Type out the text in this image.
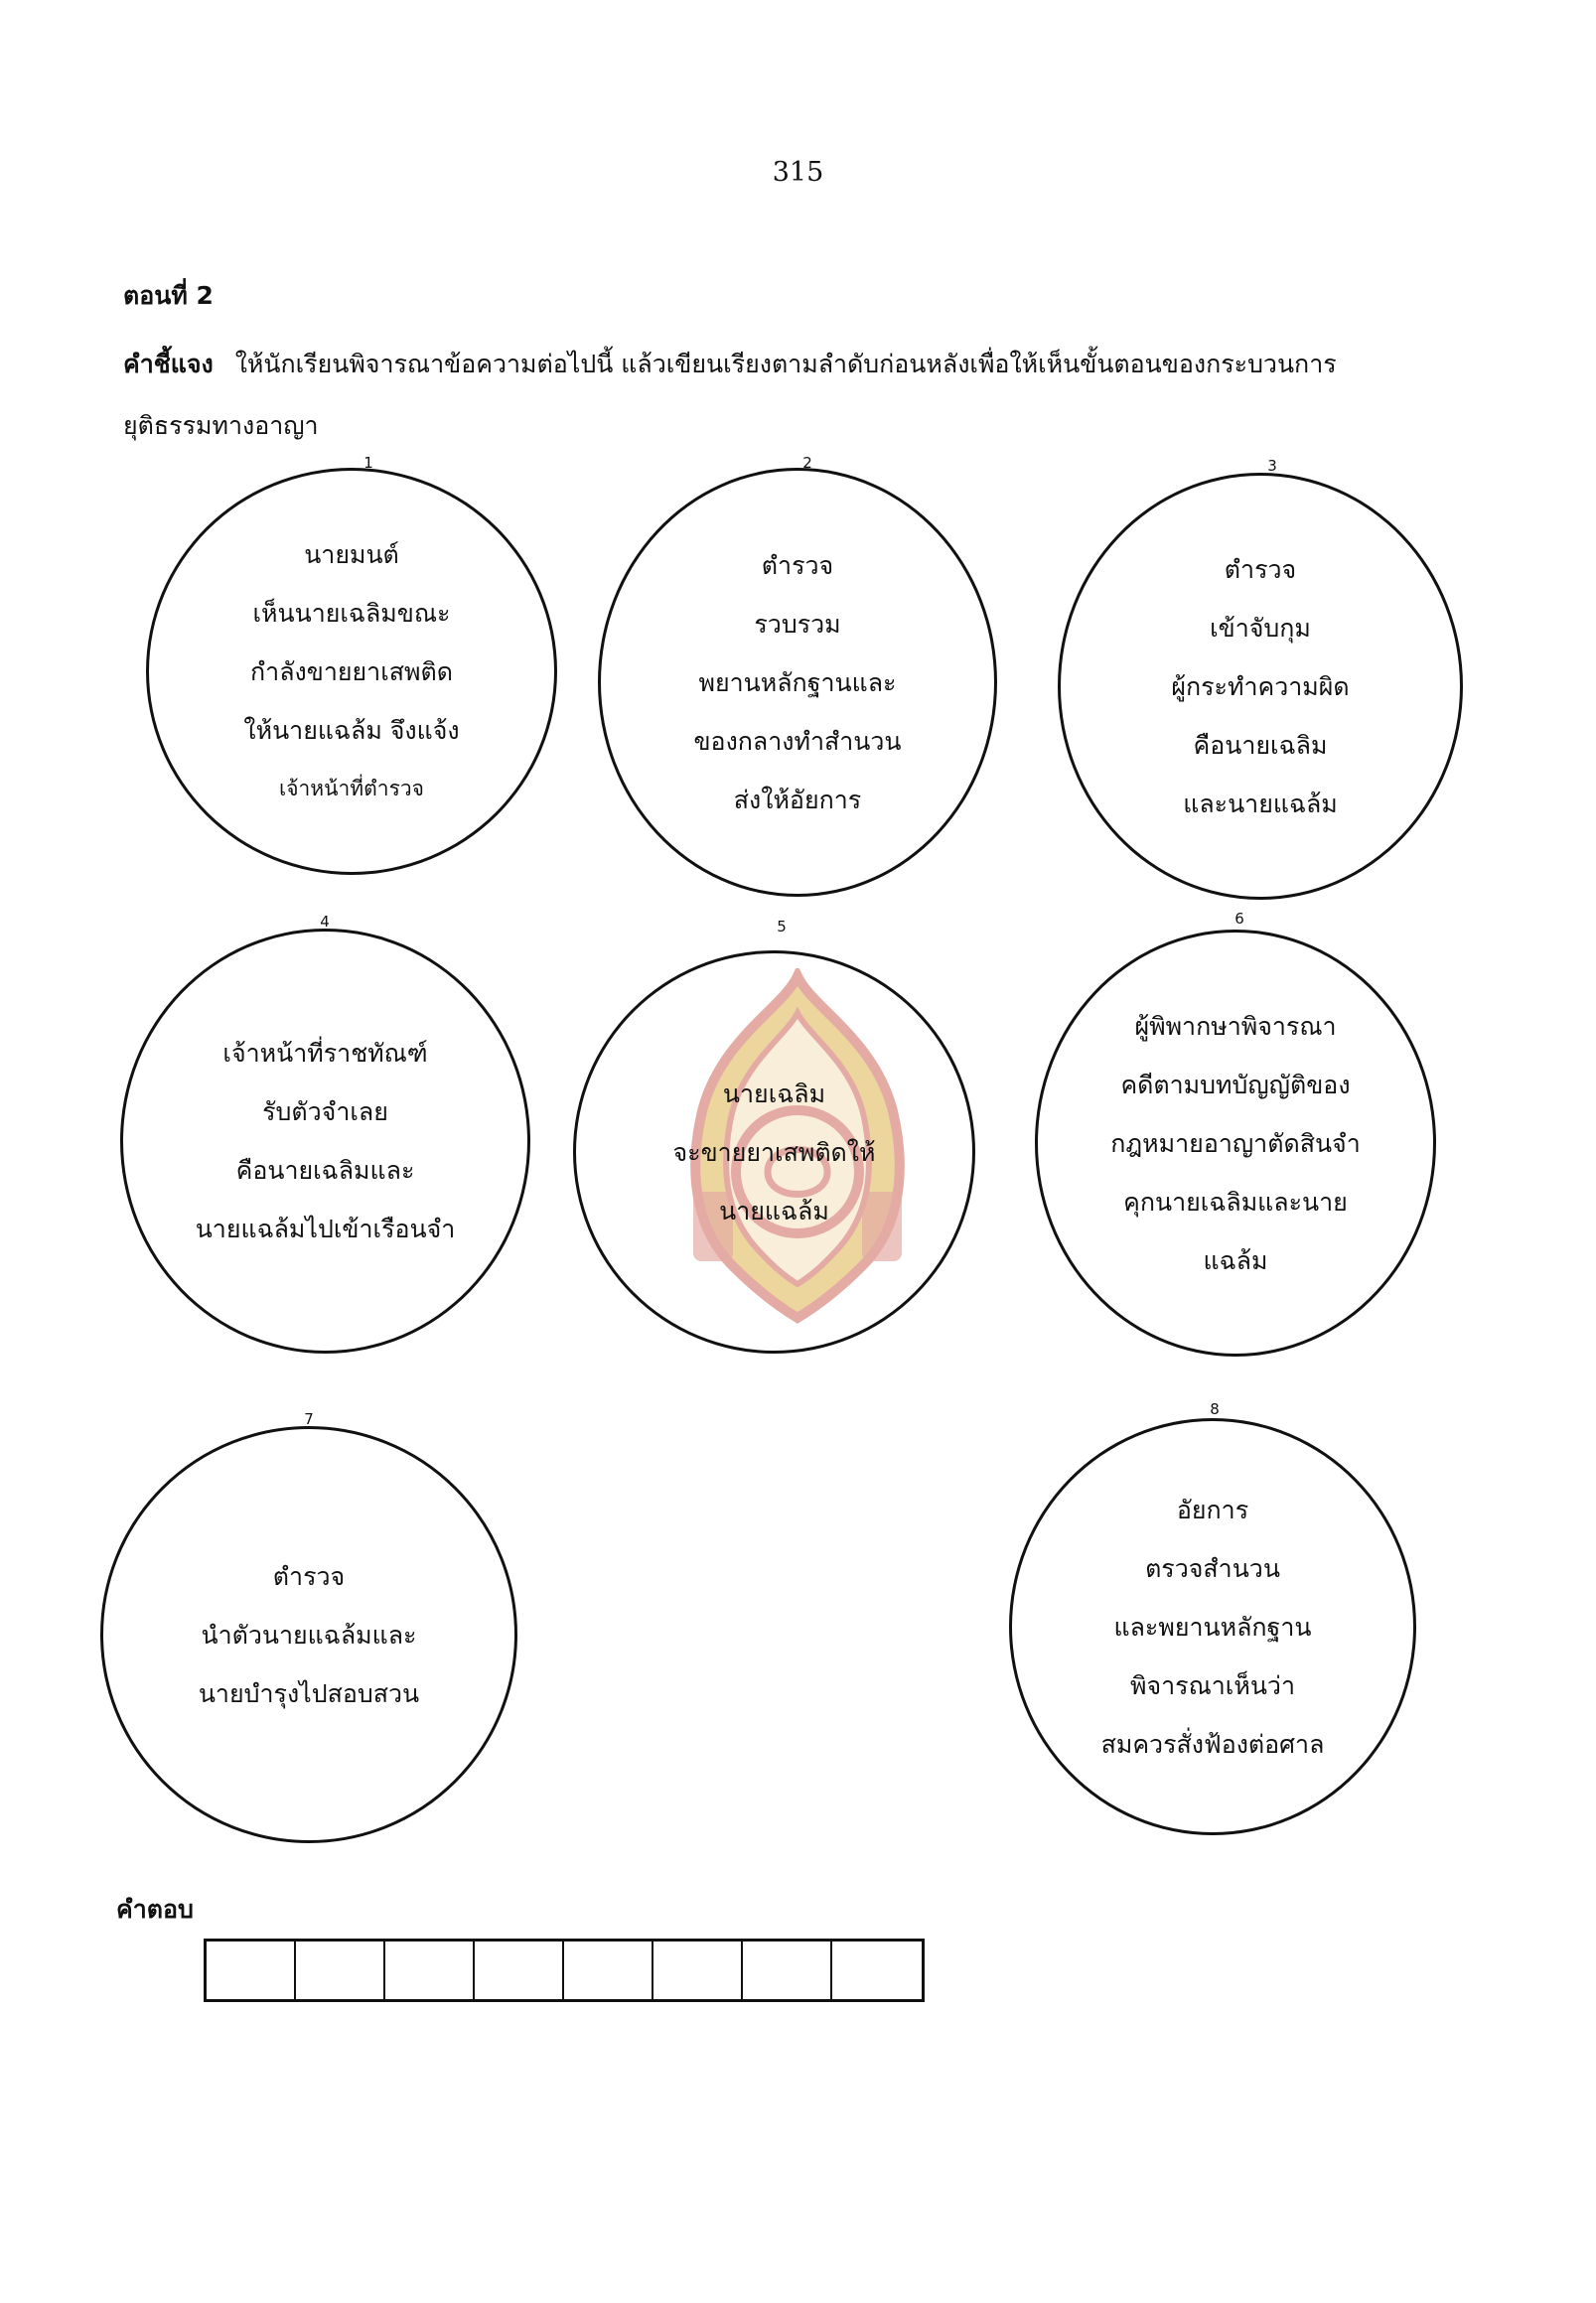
315
ตอนที่ 2
คำชี้แจง ให้นักเรียนพิจารณาข้อความต่อไปนี้ แล้วเขียนเรียงตามลำดับก่อนหลังเพื่อให้เห็นขั้นตอนของกระบวนการยุติธรรมทางอาญา
1
นายมนต์
เห็นนายเฉลิมขณะ
กำลังขายยาเสพติด
ให้นายแฉล้ม จึงแจ้ง
เจ้าหน้าที่ตำรวจ
2
ตำรวจ
รวบรวม
พยานหลักฐานและ
ของกลางทำสำนวน
ส่งให้อัยการ
3
ตำรวจ
เข้าจับกุม
ผู้กระทำความผิด
คือนายเฉลิม
และนายแฉล้ม
4
เจ้าหน้าที่ราชทัณฑ์
รับตัวจำเลย
คือนายเฉลิมและ
นายแฉล้มไปเข้าเรือนจำ
5
นายเฉลิม
จะขายยาเสพติดให้
นายแฉล้ม
6
ผู้พิพากษาพิจารณา
คดีตามบทบัญญัติของ
กฎหมายอาญาตัดสินจำ
คุกนายเฉลิมและนาย
แฉล้ม
7
ตำรวจ
นำตัวนายแฉล้มและ
นายบำรุงไปสอบสวน
8
อัยการ
ตรวจสำนวน
และพยานหลักฐาน
พิจารณาเห็นว่า
สมควรสั่งฟ้องต่อศาล
คำตอบ
